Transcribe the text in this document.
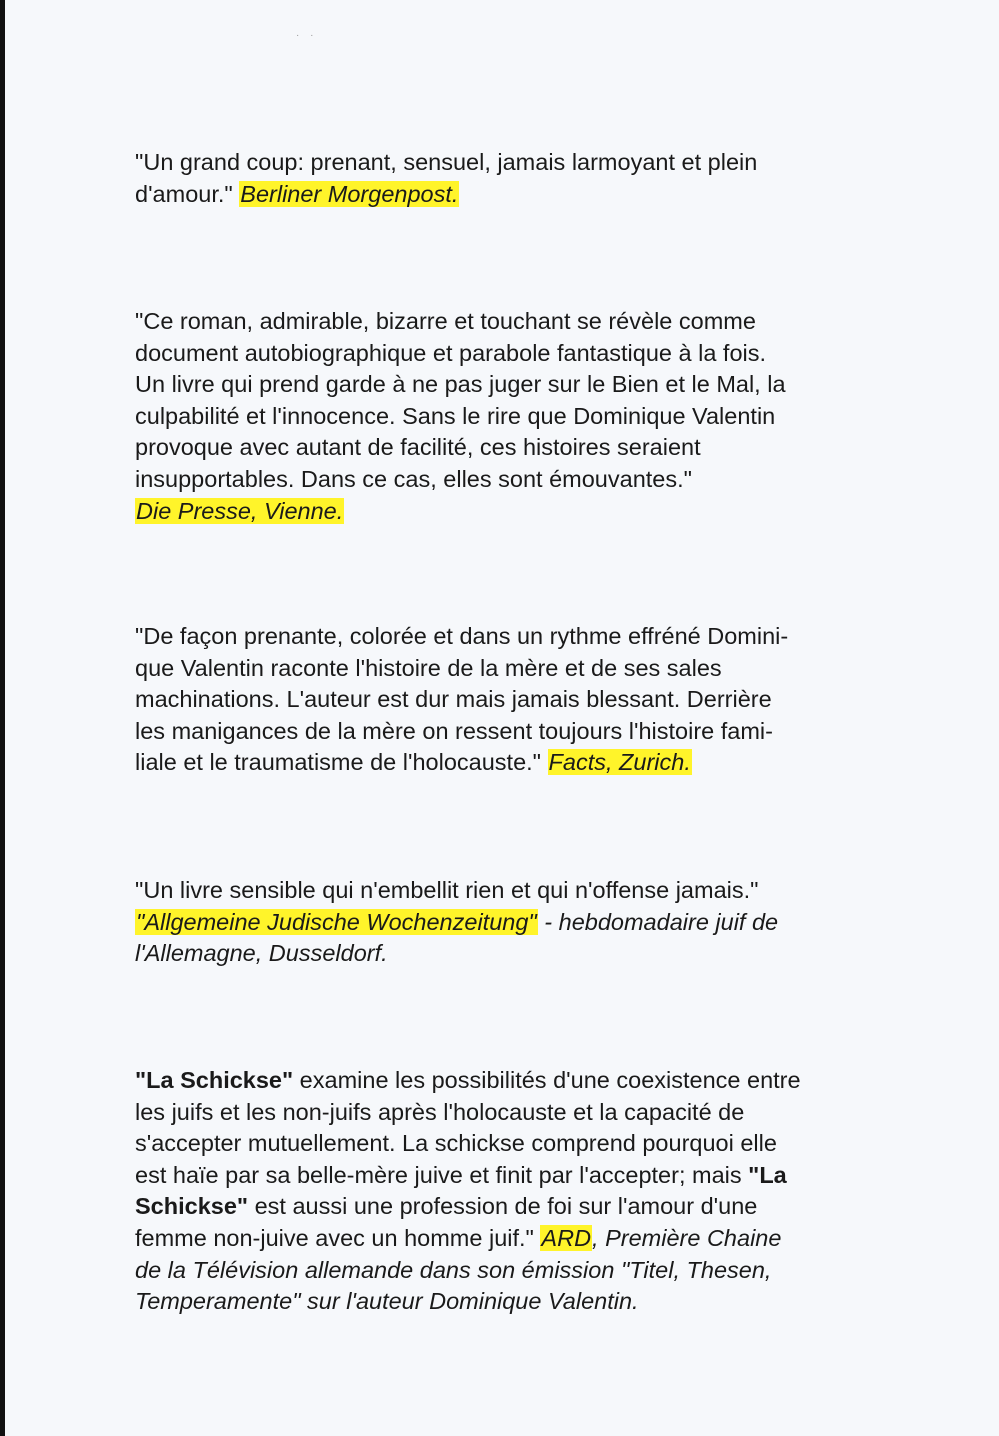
· ·

"Un grand coup: prenant, sensuel, jamais larmoyant et plein
d'amour." Berliner Morgenpost.

"Ce roman, admirable, bizarre et touchant se révèle comme
document autobiographique et parabole fantastique à la fois.
Un livre qui prend garde à ne pas juger sur le Bien et le Mal, la
culpabilité et l'innocence. Sans le rire que Dominique Valentin
provoque avec autant de facilité, ces histoires seraient
insupportables. Dans ce cas, elles sont émouvantes."
Die Presse, Vienne.

"De façon prenante, colorée et dans un rythme effréné Domini-
que Valentin raconte l'histoire de la mère et de ses sales
machinations. L'auteur est dur mais jamais blessant. Derrière
les manigances de la mère on ressent toujours l'histoire fami-
liale et le traumatisme de l'holocauste." Facts, Zurich.

"Un livre sensible qui n'embellit rien et qui n'offense jamais."
"Allgemeine Judische Wochenzeitung" - hebdomadaire juif de
l'Allemagne, Dusseldorf.

"La Schickse" examine les possibilités d'une coexistence entre
les juifs et les non-juifs après l'holocauste et la capacité de
s'accepter mutuellement. La schickse comprend pourquoi elle
est haïe par sa belle-mère juive et finit par l'accepter; mais "La
Schickse" est aussi une profession de foi sur l'amour d'une
femme non-juive avec un homme juif." ARD, Première Chaine
de la Télévision allemande dans son émission "Titel, Thesen,
Temperamente" sur l'auteur Dominique Valentin.
